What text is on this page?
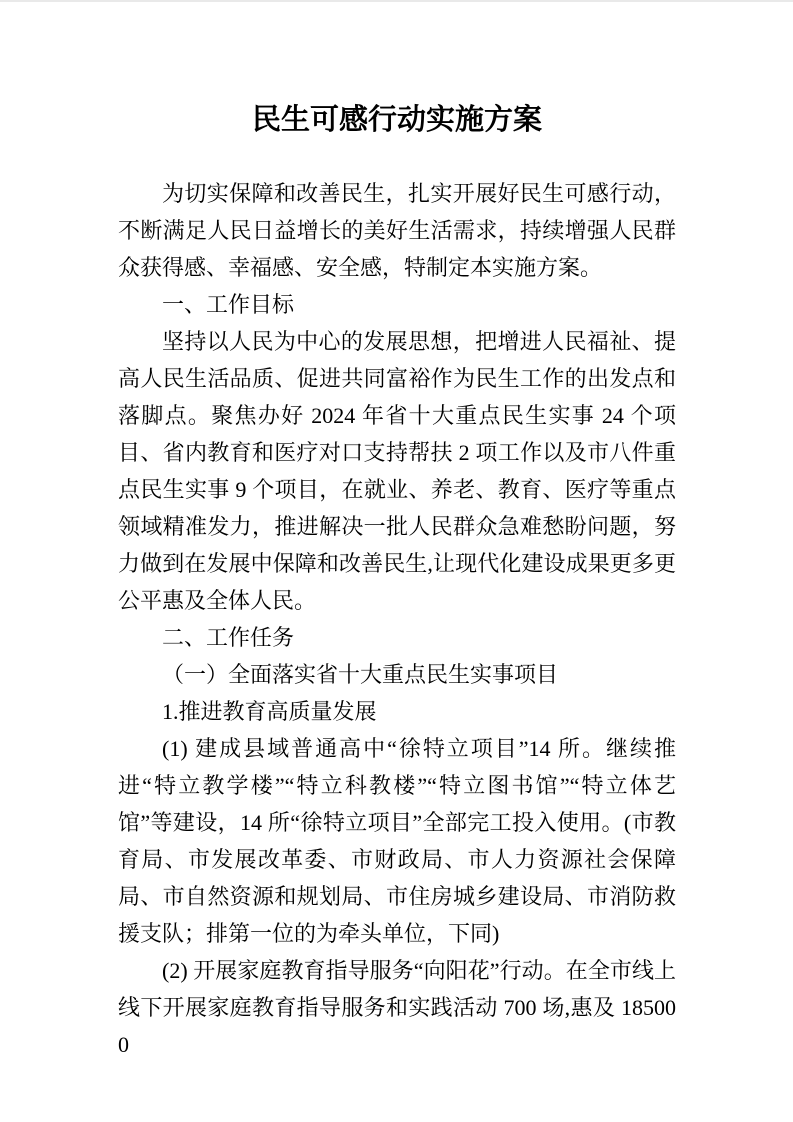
民生可感行动实施方案

为切实保障和改善民生，扎实开展好民生可感行动，不断满足人民日益增长的美好生活需求，持续增强人民群众获得感、幸福感、安全感，特制定本实施方案。

一、工作目标

坚持以人民为中心的发展思想，把增进人民福祉、提高人民生活品质、促进共同富裕作为民生工作的出发点和落脚点。聚焦办好 2024 年省十大重点民生实事 24 个项目、省内教育和医疗对口支持帮扶 2 项工作以及市八件重点民生实事 9 个项目，在就业、养老、教育、医疗等重点领域精准发力，推进解决一批人民群众急难愁盼问题，努力做到在发展中保障和改善民生,让现代化建设成果更多更公平惠及全体人民。

二、工作任务

（一）全面落实省十大重点民生实事项目

1.推进教育高质量发展

(1) 建成县域普通高中“徐特立项目”14 所。继续推进“特立教学楼”“特立科教楼”“特立图书馆”“特立体艺馆”等建设，14 所“徐特立项目”全部完工投入使用。(市教育局、市发展改革委、市财政局、市人力资源社会保障局、市自然资源和规划局、市住房城乡建设局、市消防救援支队；排第一位的为牵头单位，下同)

(2) 开展家庭教育指导服务“向阳花”行动。在全市线上线下开展家庭教育指导服务和实践活动 700 场,惠及 185000
